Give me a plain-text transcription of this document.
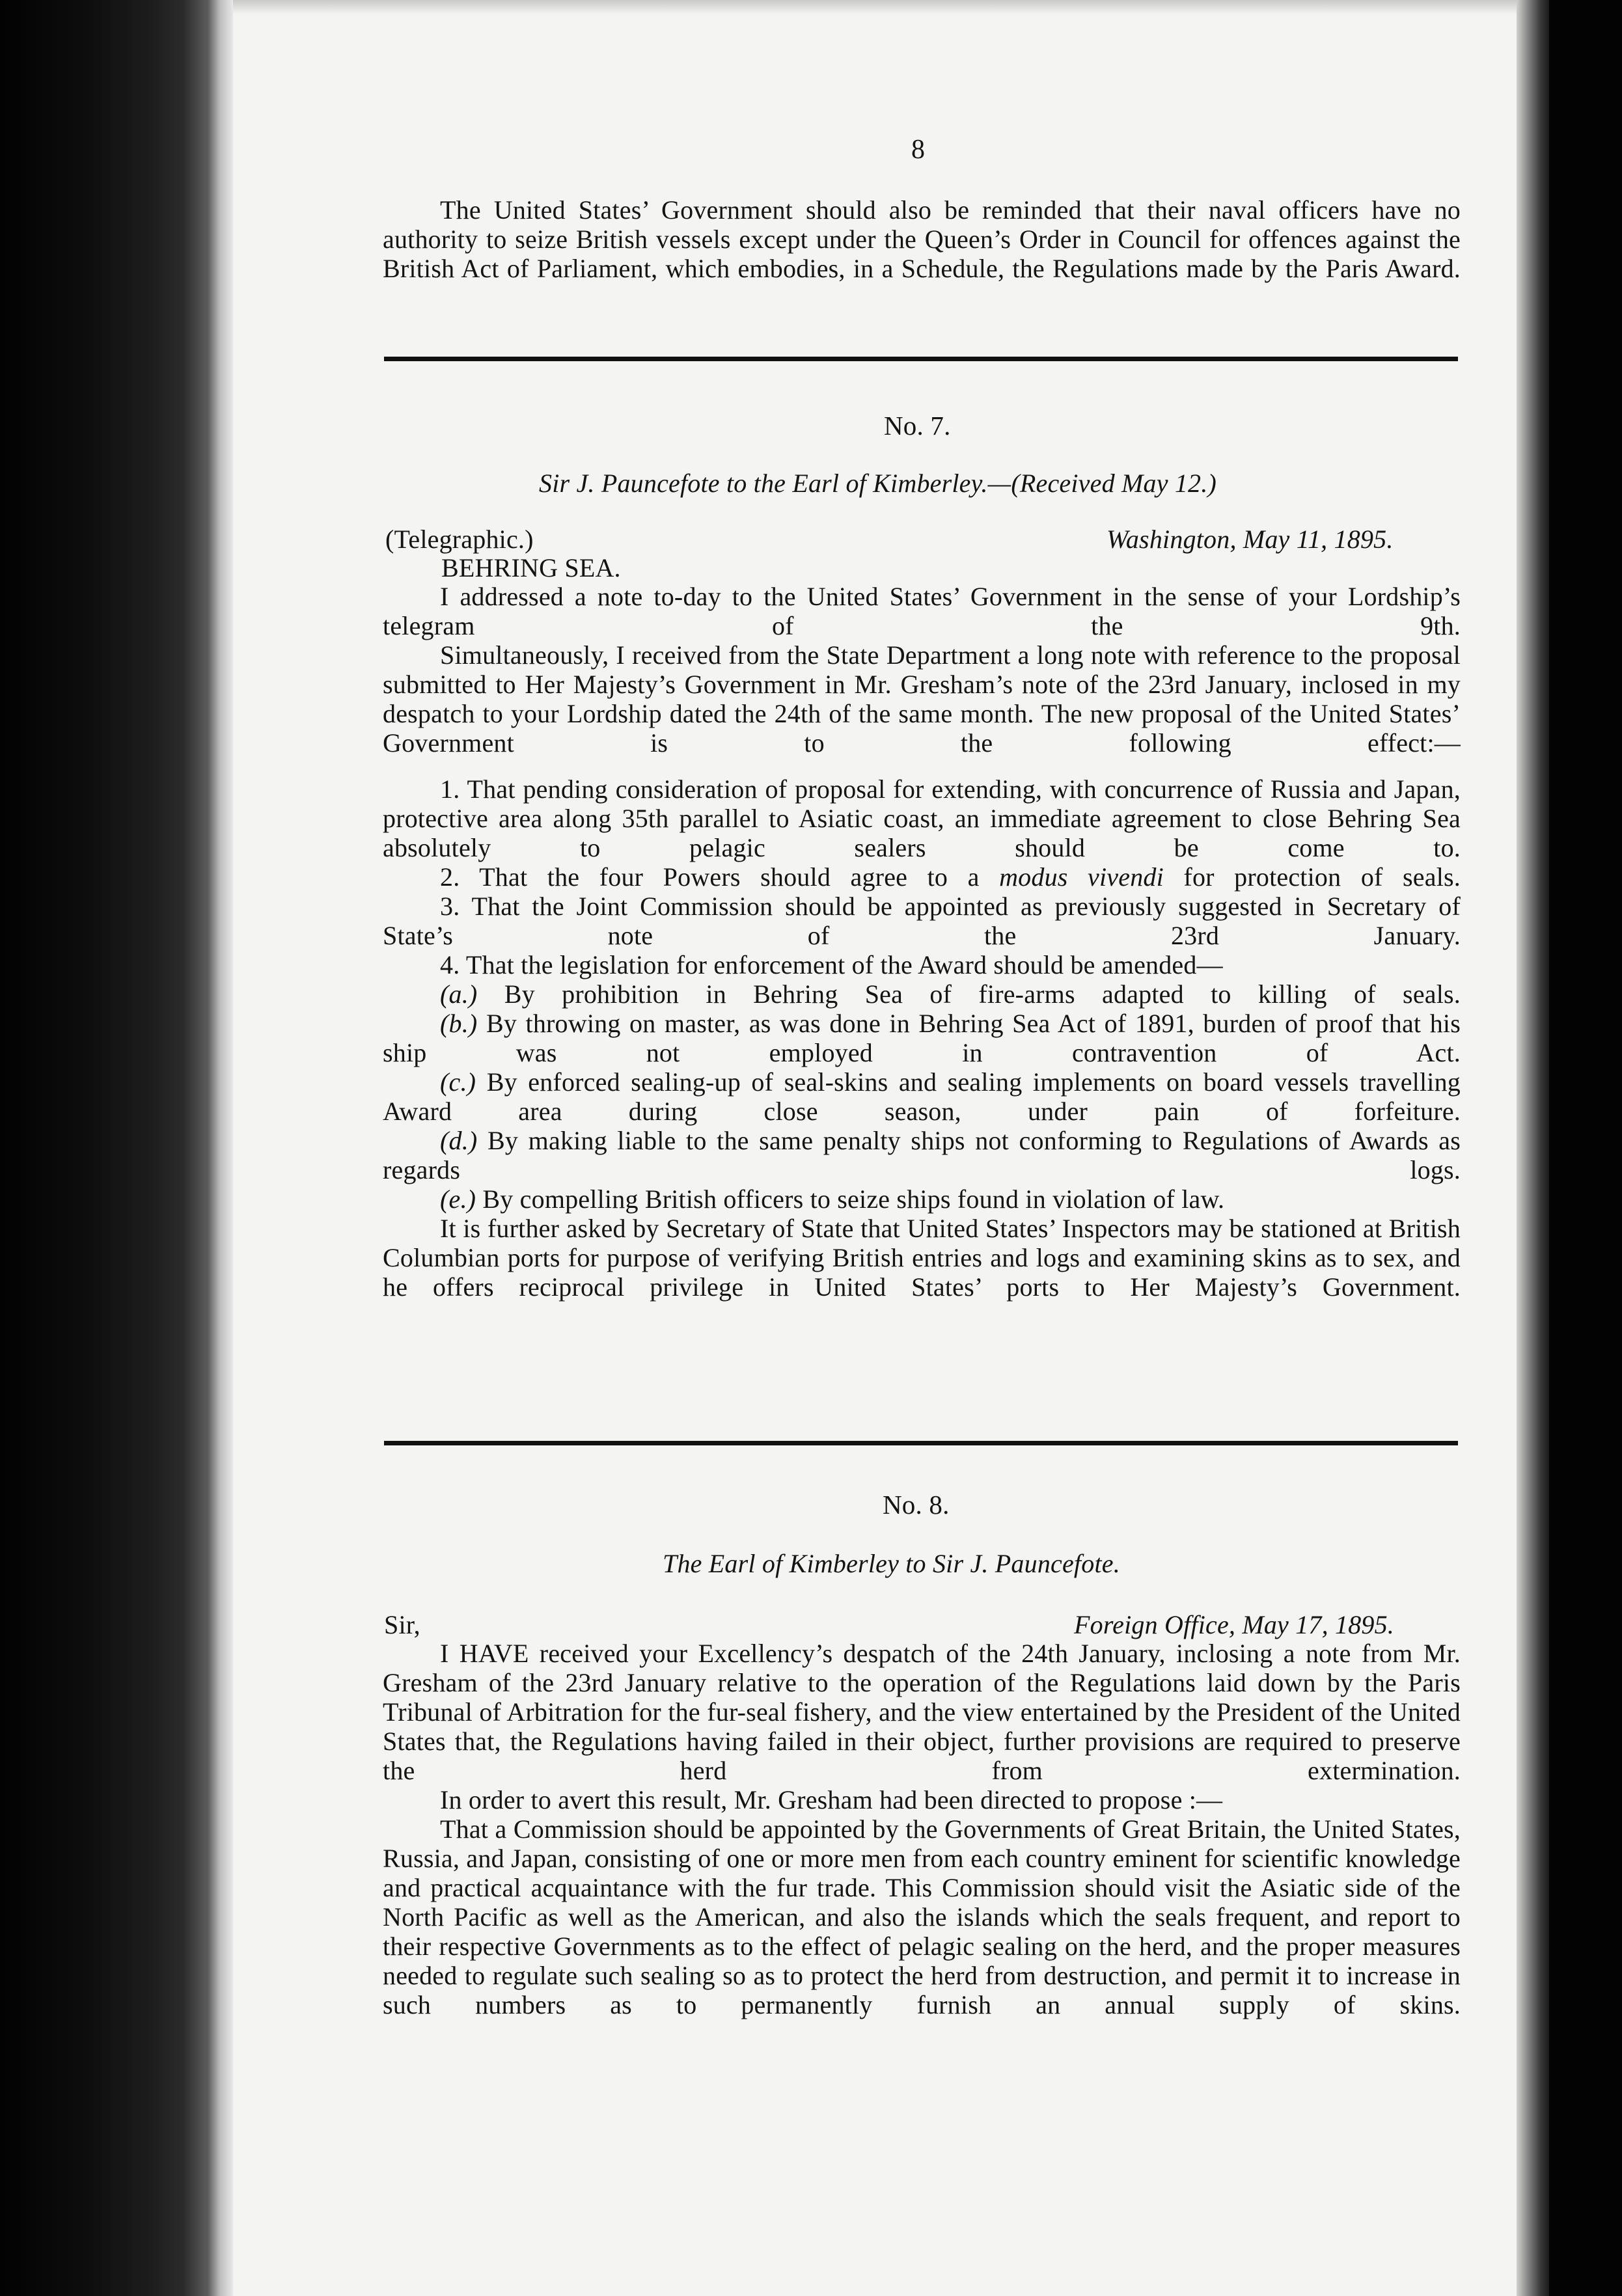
8

The United States’ Government should also be reminded that their naval officers have no authority to seize British vessels except under the Queen’s Order in Council for offences against the British Act of Parliament, which embodies, in a Schedule, the Regulations made by the Paris Award.

No. 7.

Sir J. Pauncefote to the Earl of Kimberley.—(Received May 12.)

(Telegraphic.)	Washington, May 11, 1895.

BEHRING SEA.

I addressed a note to-day to the United States’ Government in the sense of your Lordship’s telegram of the 9th.

Simultaneously, I received from the State Department a long note with reference to the proposal submitted to Her Majesty’s Government in Mr. Gresham’s note of the 23rd January, inclosed in my despatch to your Lordship dated the 24th of the same month. The new proposal of the United States’ Government is to the following effect:—

1. That pending consideration of proposal for extending, with concurrence of Russia and Japan, protective area along 35th parallel to Asiatic coast, an immediate agreement to close Behring Sea absolutely to pelagic sealers should be come to.

2. That the four Powers should agree to a modus vivendi for protection of seals.

3. That the Joint Commission should be appointed as previously suggested in Secretary of State’s note of the 23rd January.

4. That the legislation for enforcement of the Award should be amended—

(a.) By prohibition in Behring Sea of fire-arms adapted to killing of seals.

(b.) By throwing on master, as was done in Behring Sea Act of 1891, burden of proof that his ship was not employed in contravention of Act.

(c.) By enforced sealing-up of seal-skins and sealing implements on board vessels travelling Award area during close season, under pain of forfeiture.

(d.) By making liable to the same penalty ships not conforming to Regulations of Awards as regards logs.

(e.) By compelling British officers to seize ships found in violation of law.

It is further asked by Secretary of State that United States’ Inspectors may be stationed at British Columbian ports for purpose of verifying British entries and logs and examining skins as to sex, and he offers reciprocal privilege in United States’ ports to Her Majesty’s Government.

No. 8.

The Earl of Kimberley to Sir J. Pauncefote.

Sir,	Foreign Office, May 17, 1895.

I HAVE received your Excellency’s despatch of the 24th January, inclosing a note from Mr. Gresham of the 23rd January relative to the operation of the Regulations laid down by the Paris Tribunal of Arbitration for the fur-seal fishery, and the view entertained by the President of the United States that, the Regulations having failed in their object, further provisions are required to preserve the herd from extermination.

In order to avert this result, Mr. Gresham had been directed to propose :—

That a Commission should be appointed by the Governments of Great Britain, the United States, Russia, and Japan, consisting of one or more men from each country eminent for scientific knowledge and practical acquaintance with the fur trade. This Commission should visit the Asiatic side of the North Pacific as well as the American, and also the islands which the seals frequent, and report to their respective Governments as to the effect of pelagic sealing on the herd, and the proper measures needed to regulate such sealing so as to protect the herd from destruction, and permit it to increase in such numbers as to permanently furnish an annual supply of skins.
